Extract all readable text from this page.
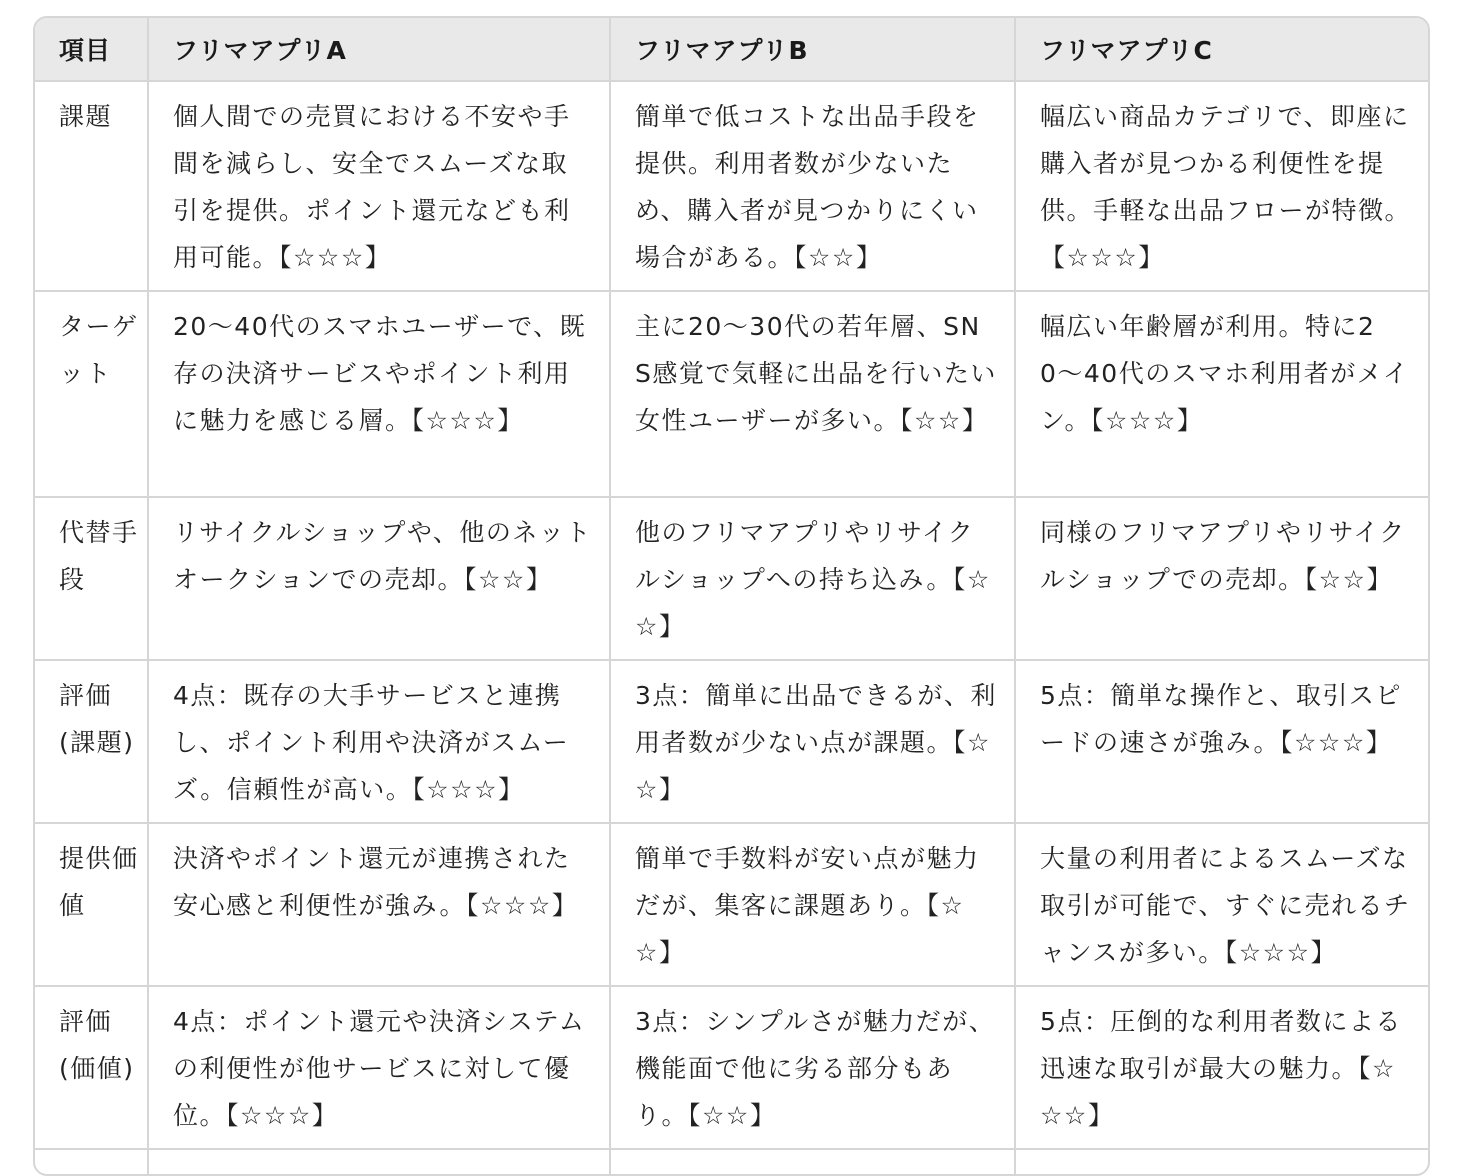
項目	フリマアプリA	フリマアプリB	フリマアプリC
課題	個人間での売買における不安や手間を減らし、安全でスムーズな取引を提供。ポイント還元なども利用可能。【☆☆☆】	簡単で低コストな出品手段を提供。利用者数が少ないため、購入者が見つかりにくい場合がある。【☆☆】	幅広い商品カテゴリで、即座に購入者が見つかる利便性を提供。手軽な出品フローが特徴。【☆☆☆】
ターゲット	20〜40代のスマホユーザーで、既存の決済サービスやポイント利用に魅力を感じる層。【☆☆☆】	主に20〜30代の若年層、SNS感覚で気軽に出品を行いたい女性ユーザーが多い。【☆☆】	幅広い年齢層が利用。特に20〜40代のスマホ利用者がメイン。【☆☆☆】
代替手段	リサイクルショップや、他のネットオークションでの売却。【☆☆】	他のフリマアプリやリサイクルショップへの持ち込み。【☆☆】	同様のフリマアプリやリサイクルショップでの売却。【☆☆】
評価(課題)	4点：既存の大手サービスと連携し、ポイント利用や決済がスムーズ。信頼性が高い。【☆☆☆】	3点：簡単に出品できるが、利用者数が少ない点が課題。【☆☆】	5点：簡単な操作と、取引スピードの速さが強み。【☆☆☆】
提供価値	決済やポイント還元が連携された安心感と利便性が強み。【☆☆☆】	簡単で手数料が安い点が魅力だが、集客に課題あり。【☆☆】	大量の利用者によるスムーズな取引が可能で、すぐに売れるチャンスが多い。【☆☆☆】
評価(価値)	4点：ポイント還元や決済システムの利便性が他サービスに対して優位。【☆☆☆】	3点：シンプルさが魅力だが、機能面で他に劣る部分もあり。【☆☆】	5点：圧倒的な利用者数による迅速な取引が最大の魅力。【☆☆☆】
